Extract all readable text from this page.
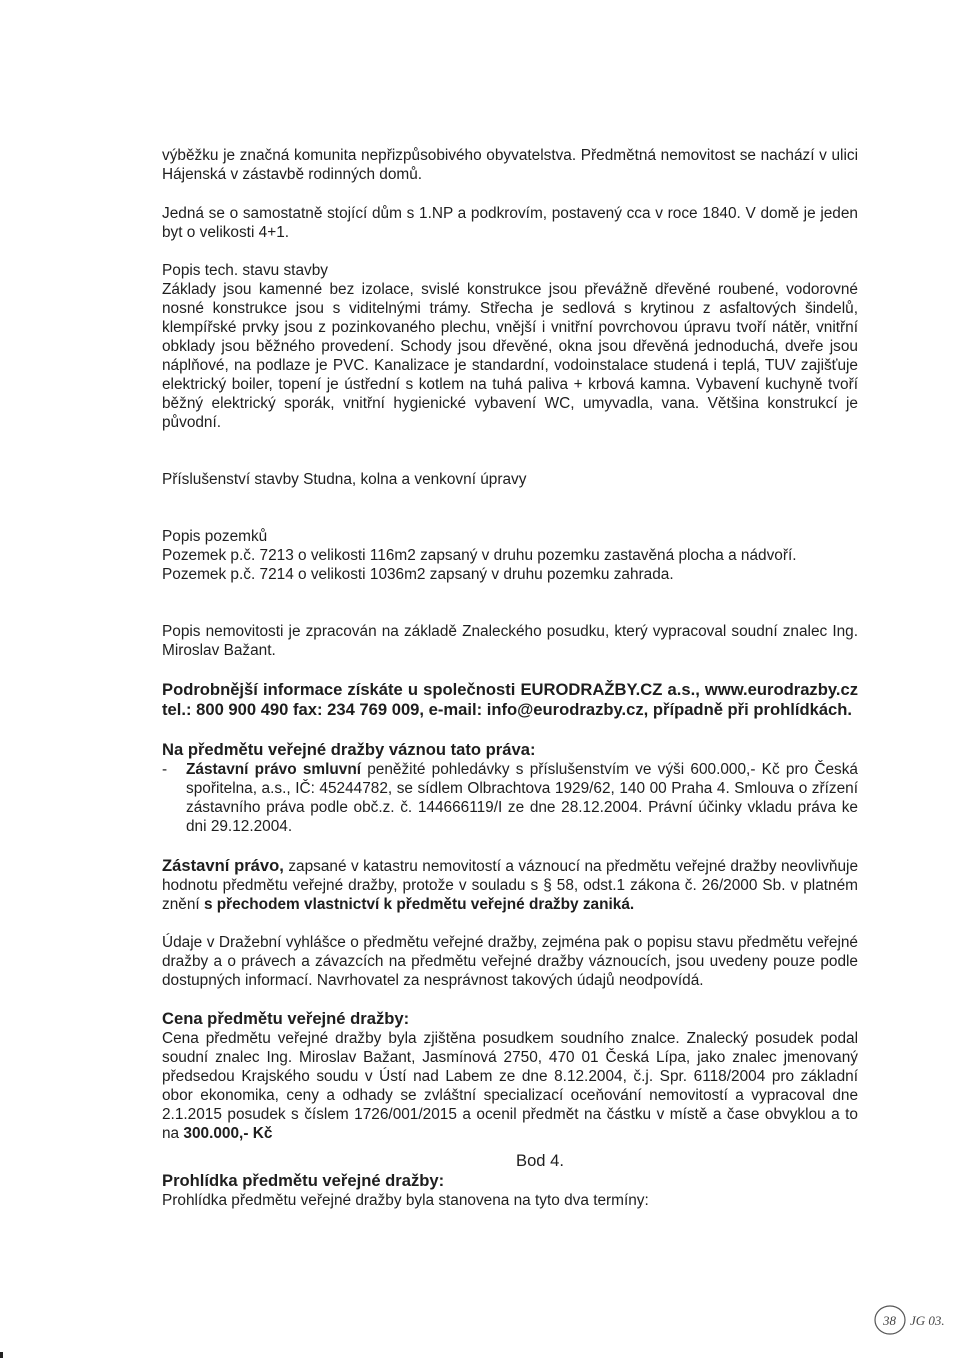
výběžku je značná komunita nepřizpůsobivého obyvatelstva. Předmětná nemovitost se nachází v ulici Hájenská v zástavbě rodinných domů.

Jedná se o samostatně stojící dům s 1.NP a podkrovím, postavený cca v roce 1840. V domě je jeden byt o velikosti 4+1.

Popis tech. stavu stavby

Základy jsou kamenné bez izolace, svislé konstrukce jsou převážně dřevěné roubené, vodorovné nosné konstrukce jsou s viditelnými trámy. Střecha je sedlová s krytinou z asfaltových šindelů, klempířské prvky jsou z pozinkovaného plechu, vnější i vnitřní povrchovou úpravu tvoří nátěr, vnitřní obklady jsou běžného provedení. Schody jsou dřevěné, okna jsou dřevěná jednoduchá, dveře jsou náplňové, na podlaze je PVC. Kanalizace je standardní, vodoinstalace studená i teplá, TUV zajišťuje elektrický boiler, topení je ústřední s kotlem na tuhá paliva + krbová kamna. Vybavení kuchyně tvoří běžný elektrický sporák, vnitřní hygienické vybavení WC, umyvadla, vana. Většina konstrukcí je původní.

Příslušenství stavby Studna, kolna a venkovní úpravy

Popis pozemků

Pozemek p.č. 7213 o velikosti 116m2 zapsaný v druhu pozemku zastavěná plocha a nádvoří.

Pozemek p.č. 7214 o velikosti 1036m2 zapsaný v druhu pozemku zahrada.

Popis nemovitosti je zpracován na základě Znaleckého posudku, který vypracoval soudní znalec Ing. Miroslav Bažant.

Podrobnější informace získáte u společnosti EURODRAŽBY.CZ a.s., www.eurodrazby.cz tel.: 800 900 490 fax: 234 769 009, e-mail: info@eurodrazby.cz, případně při prohlídkách.

Na předmětu veřejné dražby váznou tato práva:

- Zástavní právo smluvní peněžité pohledávky s příslušenstvím ve výši 600.000,- Kč pro Česká spořitelna, a.s., IČ: 45244782, se sídlem Olbrachtova 1929/62, 140 00 Praha 4. Smlouva o zřízení zástavního práva podle obč.z. č. 144666119/I ze dne 28.12.2004. Právní účinky vkladu práva ke dni 29.12.2004.

Zástavní právo, zapsané v katastru nemovitostí a váznoucí na předmětu veřejné dražby neovlivňuje hodnotu předmětu veřejné dražby, protože v souladu s § 58, odst.1 zákona č. 26/2000 Sb. v platném znění s přechodem vlastnictví k předmětu veřejné dražby zaniká.

Údaje v Dražební vyhlášce o předmětu veřejné dražby, zejména pak o popisu stavu předmětu veřejné dražby a o právech a závazcích na předmětu veřejné dražby váznoucích, jsou uvedeny pouze podle dostupných informací. Navrhovatel za nesprávnost takových údajů neodpovídá.

Cena předmětu veřejné dražby:

Cena předmětu veřejné dražby byla zjištěna posudkem soudního znalce. Znalecký posudek podal soudní znalec Ing. Miroslav Bažant, Jasmínová 2750, 470 01 Česká Lípa, jako znalec jmenovaný předsedou Krajského soudu v Ústí nad Labem ze dne 8.12.2004, č.j. Spr. 6118/2004 pro základní obor ekonomika, ceny a odhady se zvláštní specializací oceňování nemovitostí a vypracoval dne 2.1.2015 posudek s číslem 1726/001/2015 a ocenil předmět na částku v místě a čase obvyklou a to na 300.000,- Kč

Bod 4.

Prohlídka předmětu veřejné dražby:

Prohlídka předmětu veřejné dražby byla stanovena na tyto dva termíny:

38 JG 03.
